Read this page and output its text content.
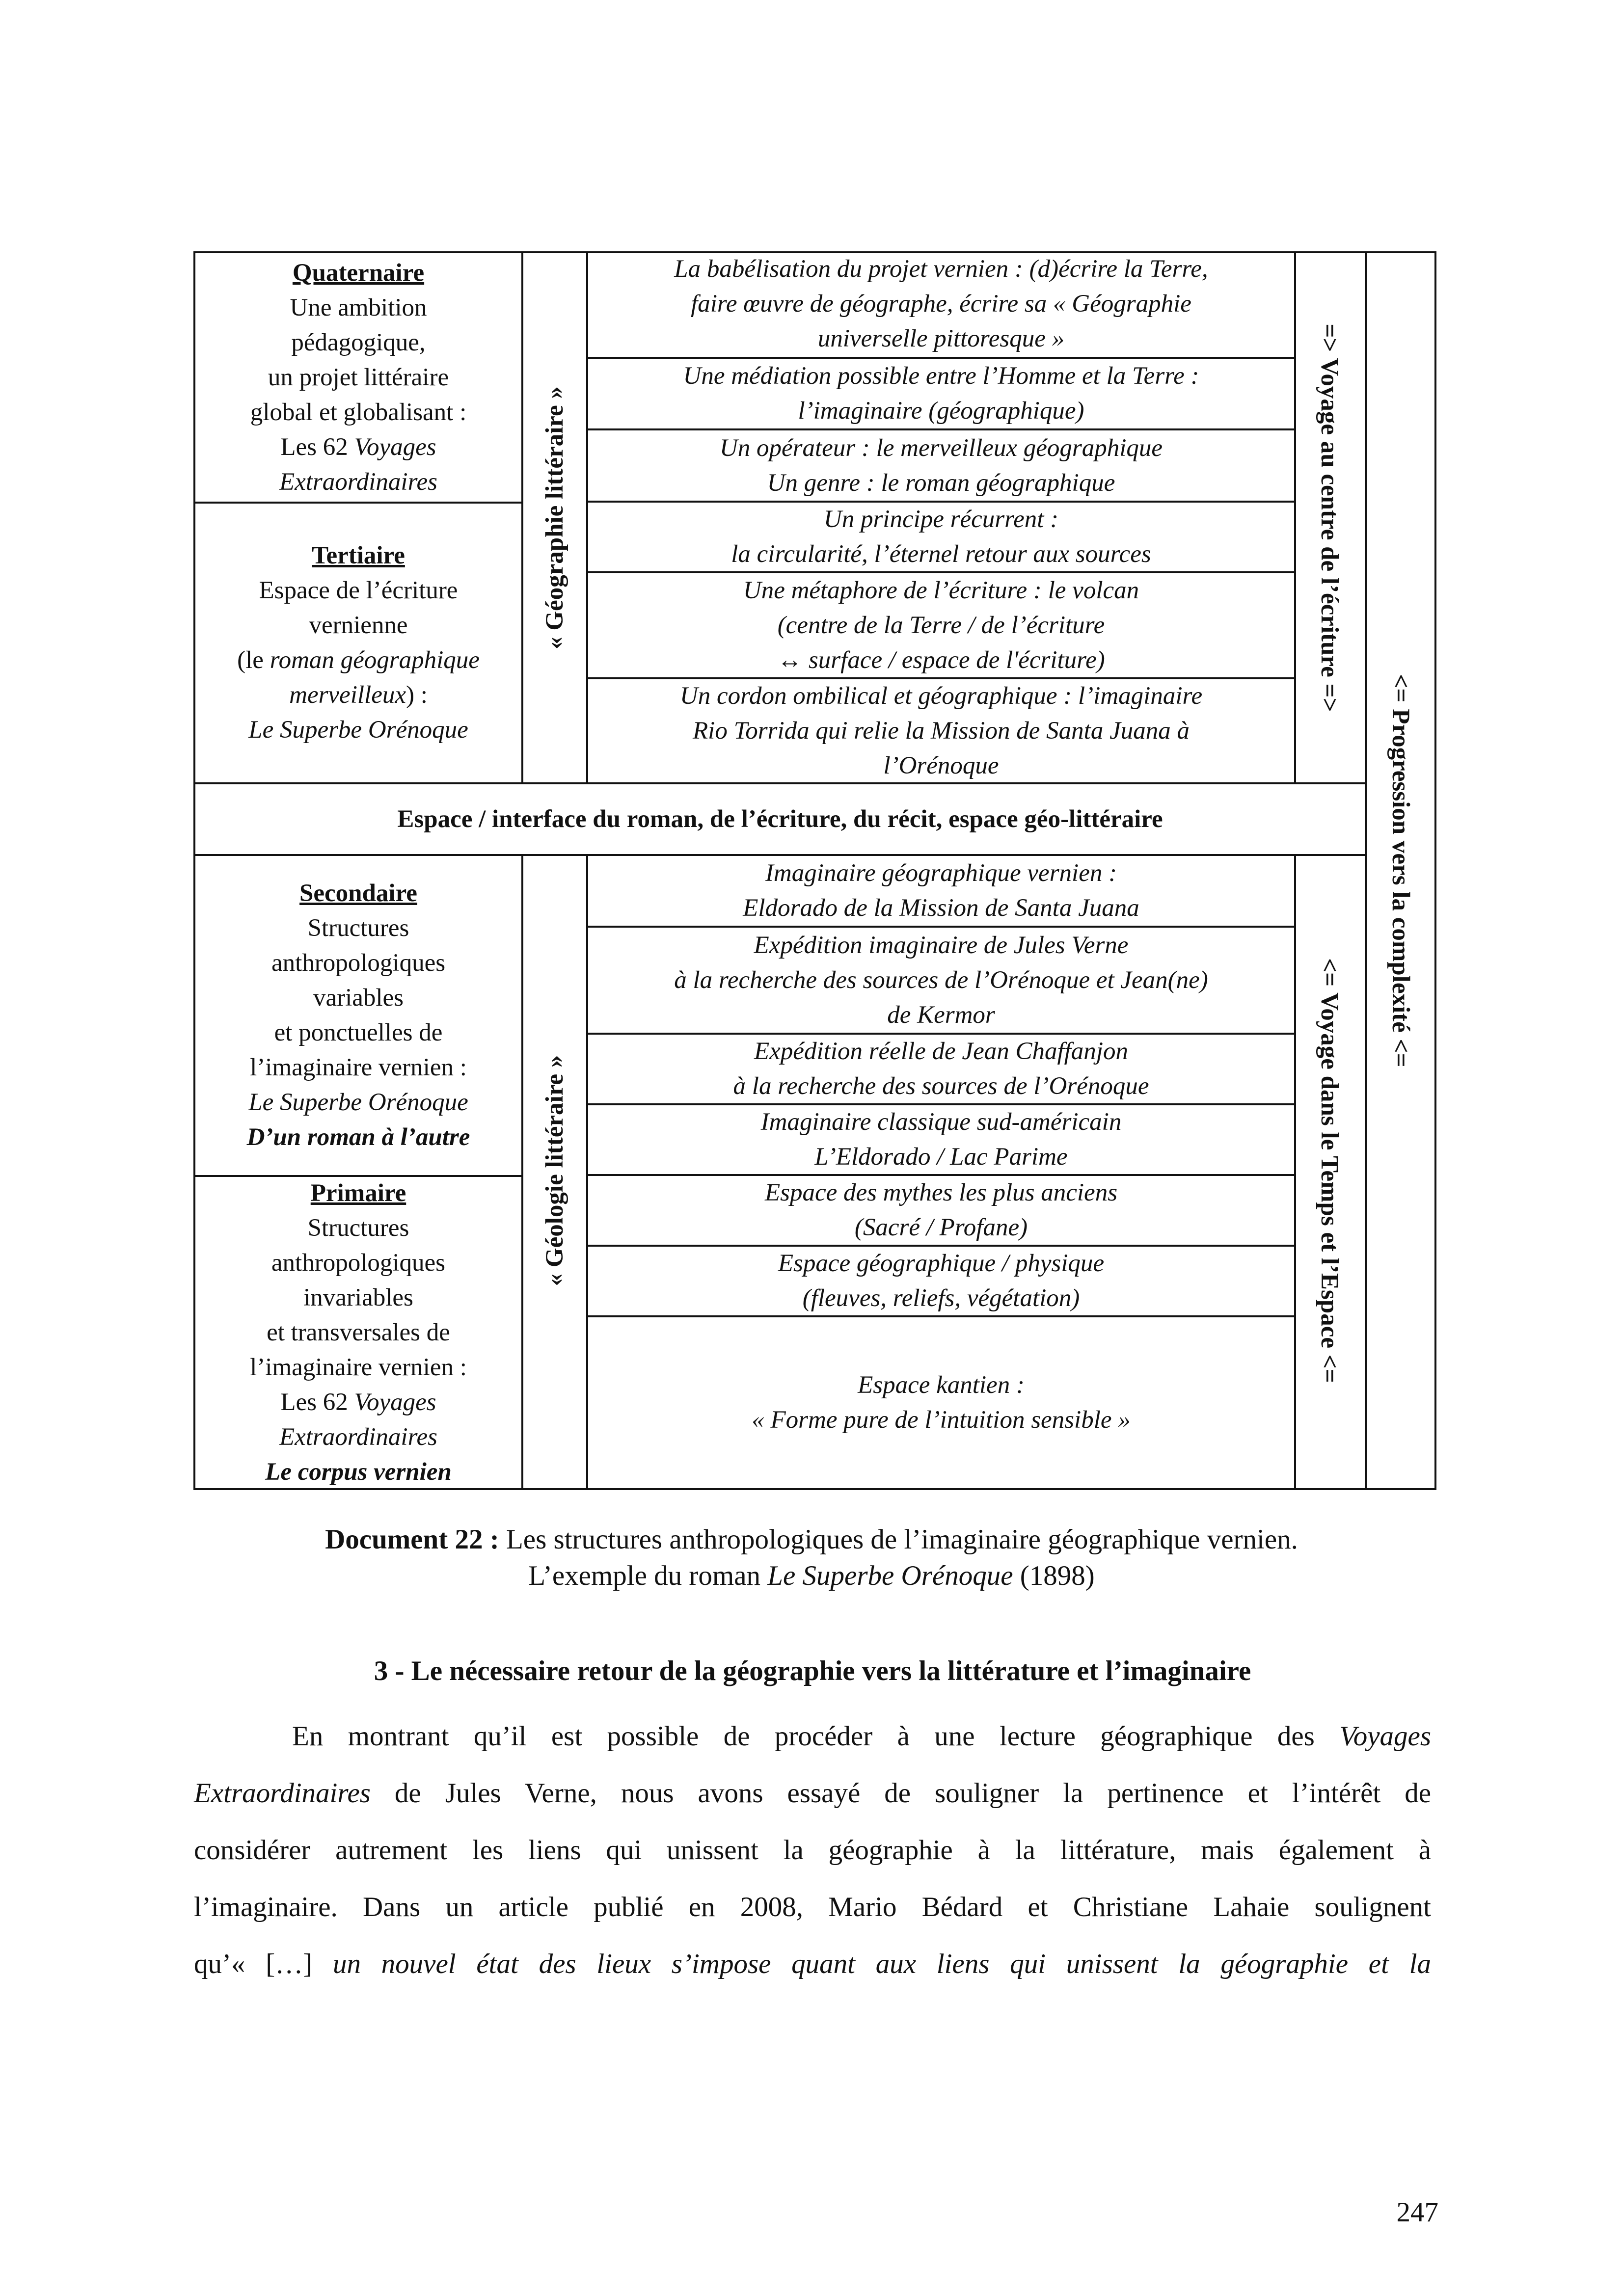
Quaternaire
Une ambition
pédagogique,
un projet littéraire
global et globalisant :
Les 62 Voyages
Extraordinaires
Tertiaire
Espace de l’écriture
vernienne
(le roman géographique
merveilleux) :
Le Superbe Orénoque
Secondaire
Structures
anthropologiques
variables
et ponctuelles de
l’imaginaire vernien :
Le Superbe Orénoque
D’un roman à l’autre
Primaire
Structures
anthropologiques
invariables
et transversales de
l’imaginaire vernien :
Les 62 Voyages
Extraordinaires
Le corpus vernien
« Géographie littéraire »
« Géologie littéraire »
=> Voyage au centre de l’écriture =>
<= Voyage dans le Temps et l’Espace <=
<= Progression vers la complexité <=
La babélisation du projet vernien : (d)écrire la Terre,
faire œuvre de géographe, écrire sa « Géographie
universelle pittoresque »
Une médiation possible entre l’Homme et la Terre :
l’imaginaire (géographique)
Un opérateur : le merveilleux géographique
Un genre : le roman géographique
Un principe récurrent :
la circularité, l’éternel retour aux sources
Une métaphore de l’écriture : le volcan
(centre de la Terre / de l’écriture
↔ surface / espace de l'écriture)
Un cordon ombilical et géographique : l’imaginaire
Rio Torrida qui relie la Mission de Santa Juana à
l’Orénoque
Espace / interface du roman, de l’écriture, du récit, espace géo-littéraire
Imaginaire géographique vernien :
Eldorado de la Mission de Santa Juana
Expédition imaginaire de Jules Verne
à la recherche des sources de l’Orénoque et Jean(ne)
de Kermor
Expédition réelle de Jean Chaffanjon
à la recherche des sources de l’Orénoque
Imaginaire classique sud-américain
L’Eldorado / Lac Parime
Espace des mythes les plus anciens
(Sacré / Profane)
Espace géographique / physique
(fleuves, reliefs, végétation)
Espace kantien :
« Forme pure de l’intuition sensible »
Document 22 : Les structures anthropologiques de l’imaginaire géographique vernien.
L’exemple du roman Le Superbe Orénoque (1898)
3 - Le nécessaire retour de la géographie vers la littérature et l’imaginaire
En montrant qu’il est possible de procéder à une lecture géographique des Voyages
Extraordinaires de Jules Verne, nous avons essayé de souligner la pertinence et l’intérêt de
considérer autrement les liens qui unissent la géographie à la littérature, mais également à
l’imaginaire. Dans un article publié en 2008, Mario Bédard et Christiane Lahaie soulignent
qu’« […] un nouvel état des lieux s’impose quant aux liens qui unissent la géographie et la
247
